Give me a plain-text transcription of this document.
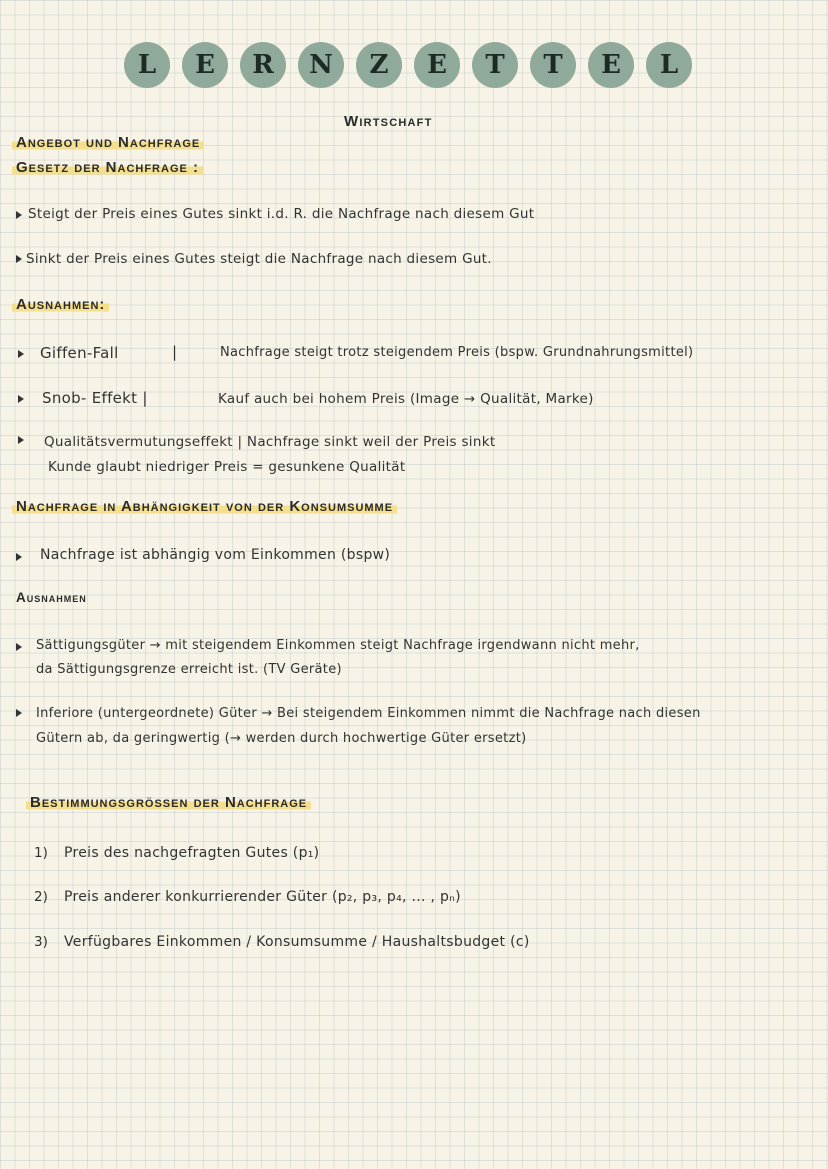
L	E	R	N	Z	E	T	T	E	L
Wirtschaft
Angebot und Nachfrage
Gesetz der Nachfrage :
Steigt der Preis eines Gutes sinkt i.d. R. die Nachfrage nach diesem Gut
Sinkt der Preis eines Gutes steigt die Nachfrage nach diesem Gut.
Ausnahmen:
Giffen-Fall	|	Nachfrage steigt trotz steigendem Preis (bspw. Grundnahrungsmittel)
Snob- Effekt |	Kauf auch bei hohem Preis (Image → Qualität, Marke)
Qualitätsvermutungseffekt | Nachfrage sinkt weil der Preis sinkt
Kunde glaubt niedriger Preis = gesunkene Qualität
Nachfrage in Abhängigkeit von der Konsumsumme
Nachfrage ist abhängig vom Einkommen (bspw)
Ausnahmen
Sättigungsgüter → mit steigendem Einkommen steigt Nachfrage irgendwann nicht mehr,
da Sättigungsgrenze erreicht ist. (TV Geräte)
Inferiore (untergeordnete) Güter → Bei steigendem Einkommen nimmt die Nachfrage nach diesen
Gütern ab, da geringwertig (→ werden durch hochwertige Güter ersetzt)
Bestimmungsgrössen der Nachfrage
1) Preis des nachgefragten Gutes (p₁)
2) Preis anderer konkurrierender Güter (p₂, p₃, p₄, ... , pₙ)
3) Verfügbares Einkommen / Konsumsumme / Haushaltsbudget (c)
